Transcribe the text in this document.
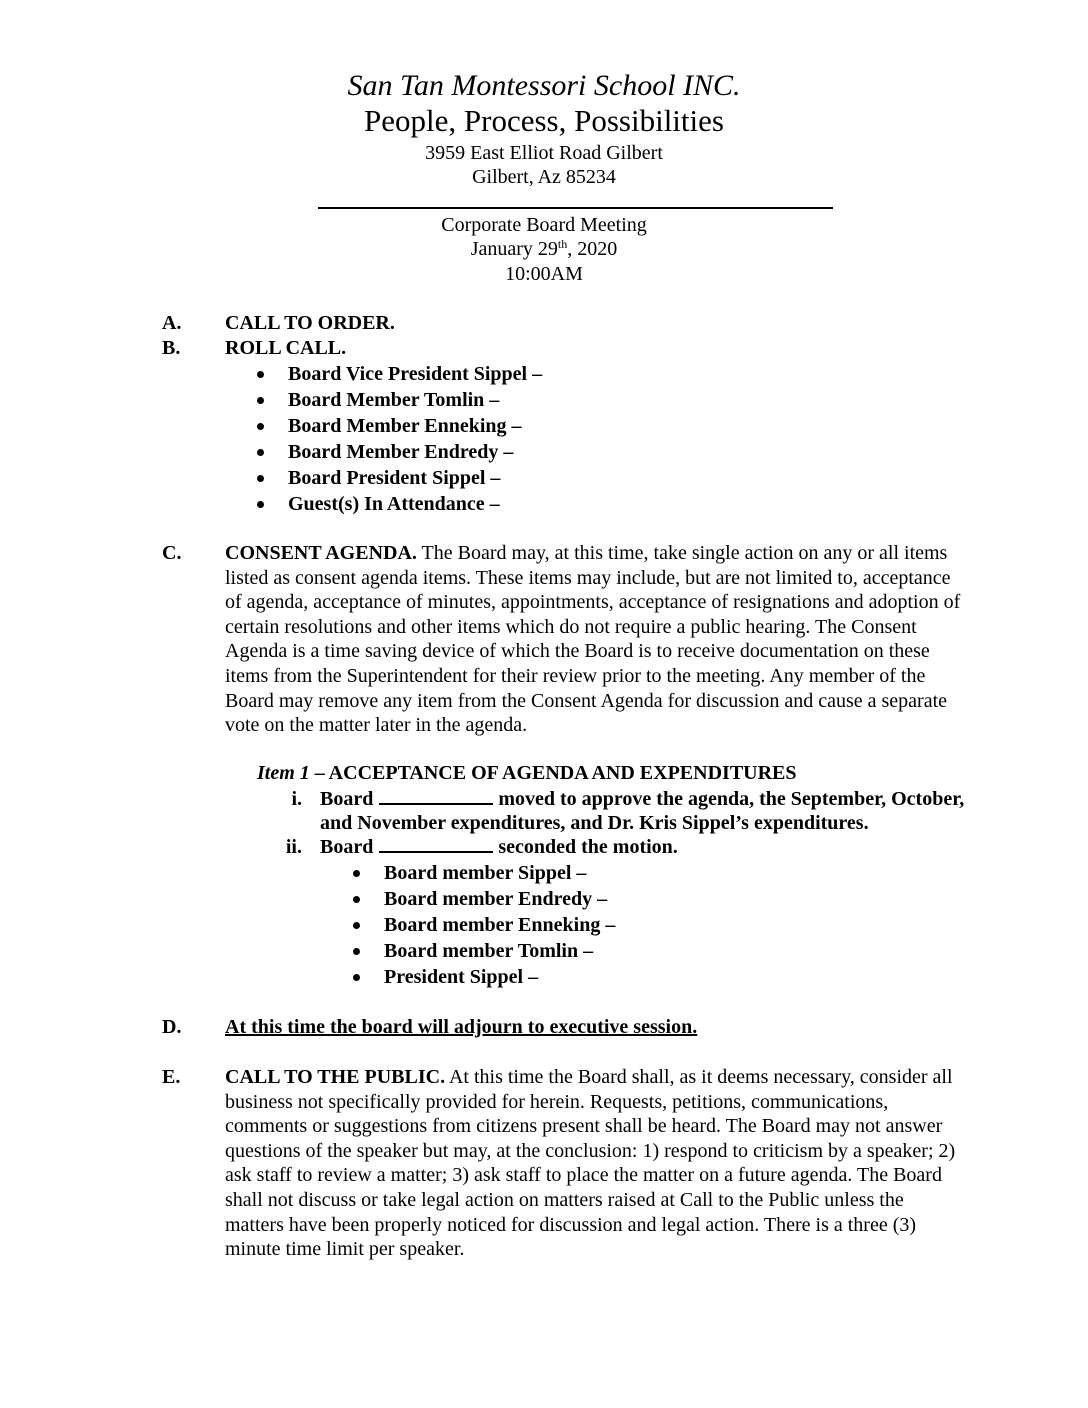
San Tan Montessori School INC.
People, Process, Possibilities
3959 East Elliot Road Gilbert
Gilbert, Az 85234
Corporate Board Meeting
January 29th, 2020
10:00AM
A. CALL TO ORDER.
B. ROLL CALL.
Board Vice President Sippel –
Board Member Tomlin –
Board Member Enneking –
Board Member Endredy –
Board President Sippel –
Guest(s) In Attendance –
C. CONSENT AGENDA. The Board may, at this time, take single action on any or all items
listed as consent agenda items. These items may include, but are not limited to, acceptance
of agenda, acceptance of minutes, appointments, acceptance of resignations and adoption of
certain resolutions and other items which do not require a public hearing. The Consent
Agenda is a time saving device of which the Board is to receive documentation on these
items from the Superintendent for their review prior to the meeting. Any member of the
Board may remove any item from the Consent Agenda for discussion and cause a separate
vote on the matter later in the agenda.
Item 1 – ACCEPTANCE OF AGENDA AND EXPENDITURES
i. Board	moved to approve the agenda, the September, October,
and November expenditures, and Dr. Kris Sippel’s expenditures.
ii. Board	seconded the motion.
Board member Sippel –
Board member Endredy –
Board member Enneking –
Board member Tomlin –
President Sippel –
D. At this time the board will adjourn to executive session.
E. CALL TO THE PUBLIC. At this time the Board shall, as it deems necessary, consider all
business not specifically provided for herein. Requests, petitions, communications,
comments or suggestions from citizens present shall be heard. The Board may not answer
questions of the speaker but may, at the conclusion: 1) respond to criticism by a speaker; 2)
ask staff to review a matter; 3) ask staff to place the matter on a future agenda. The Board
shall not discuss or take legal action on matters raised at Call to the Public unless the
matters have been properly noticed for discussion and legal action. There is a three (3)
minute time limit per speaker.
